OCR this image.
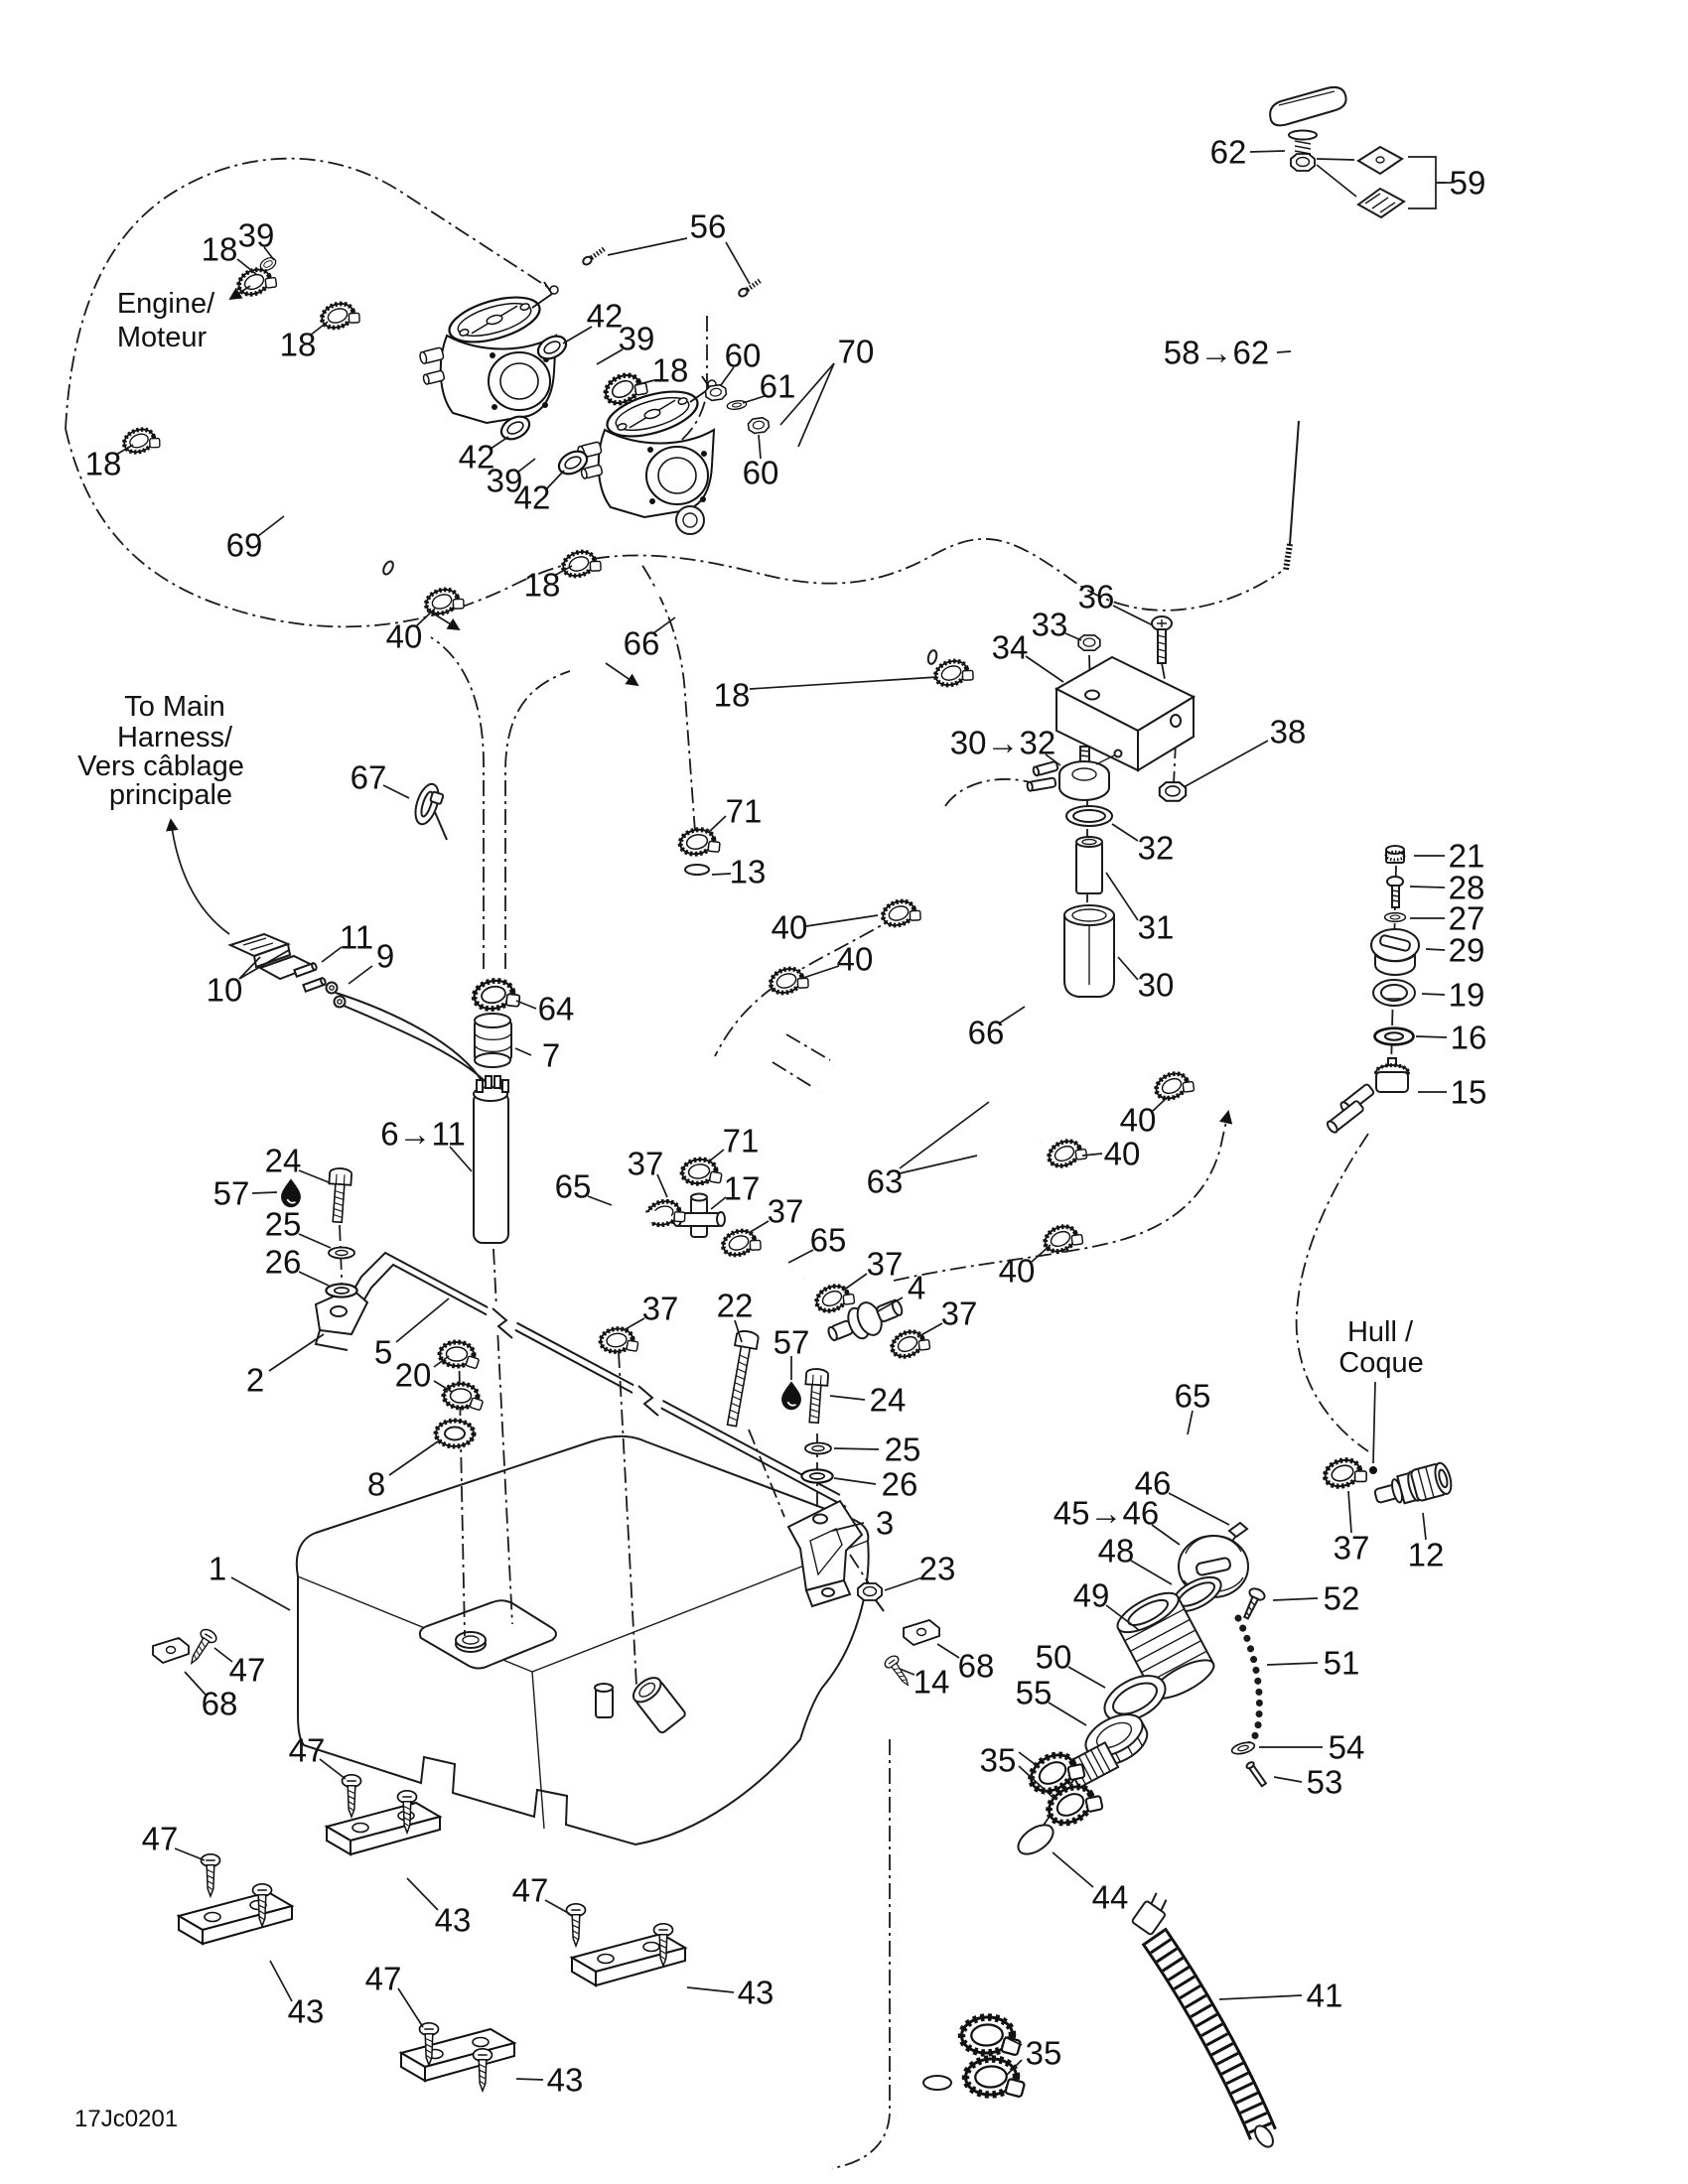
18 39
18
18
69
40
18
66
18
56
42
39
18 60
61
70
42
39
42
60
62
59
58→62
36
33
34
30→32	38
32
31
30
67
71
13
40
40
66
21
28
27
29
19
16
15
40
40
40
63
37
71
17
65
37
65
37
4
37
37 22
57
24
25
26
3
23
68
14
6→11
24
57
25
26
2
5
20
8
1
47
68
47
47
43
43
47
47
43
43
35
44
35
41
46
45→46
48
49	52
51
50
55
54
53
12
37
65
10
11
9
64
7
Engine/
Moteur
To Main
Harness/
Vers câblage
principale
Hull /
Coque
17Jc0201
